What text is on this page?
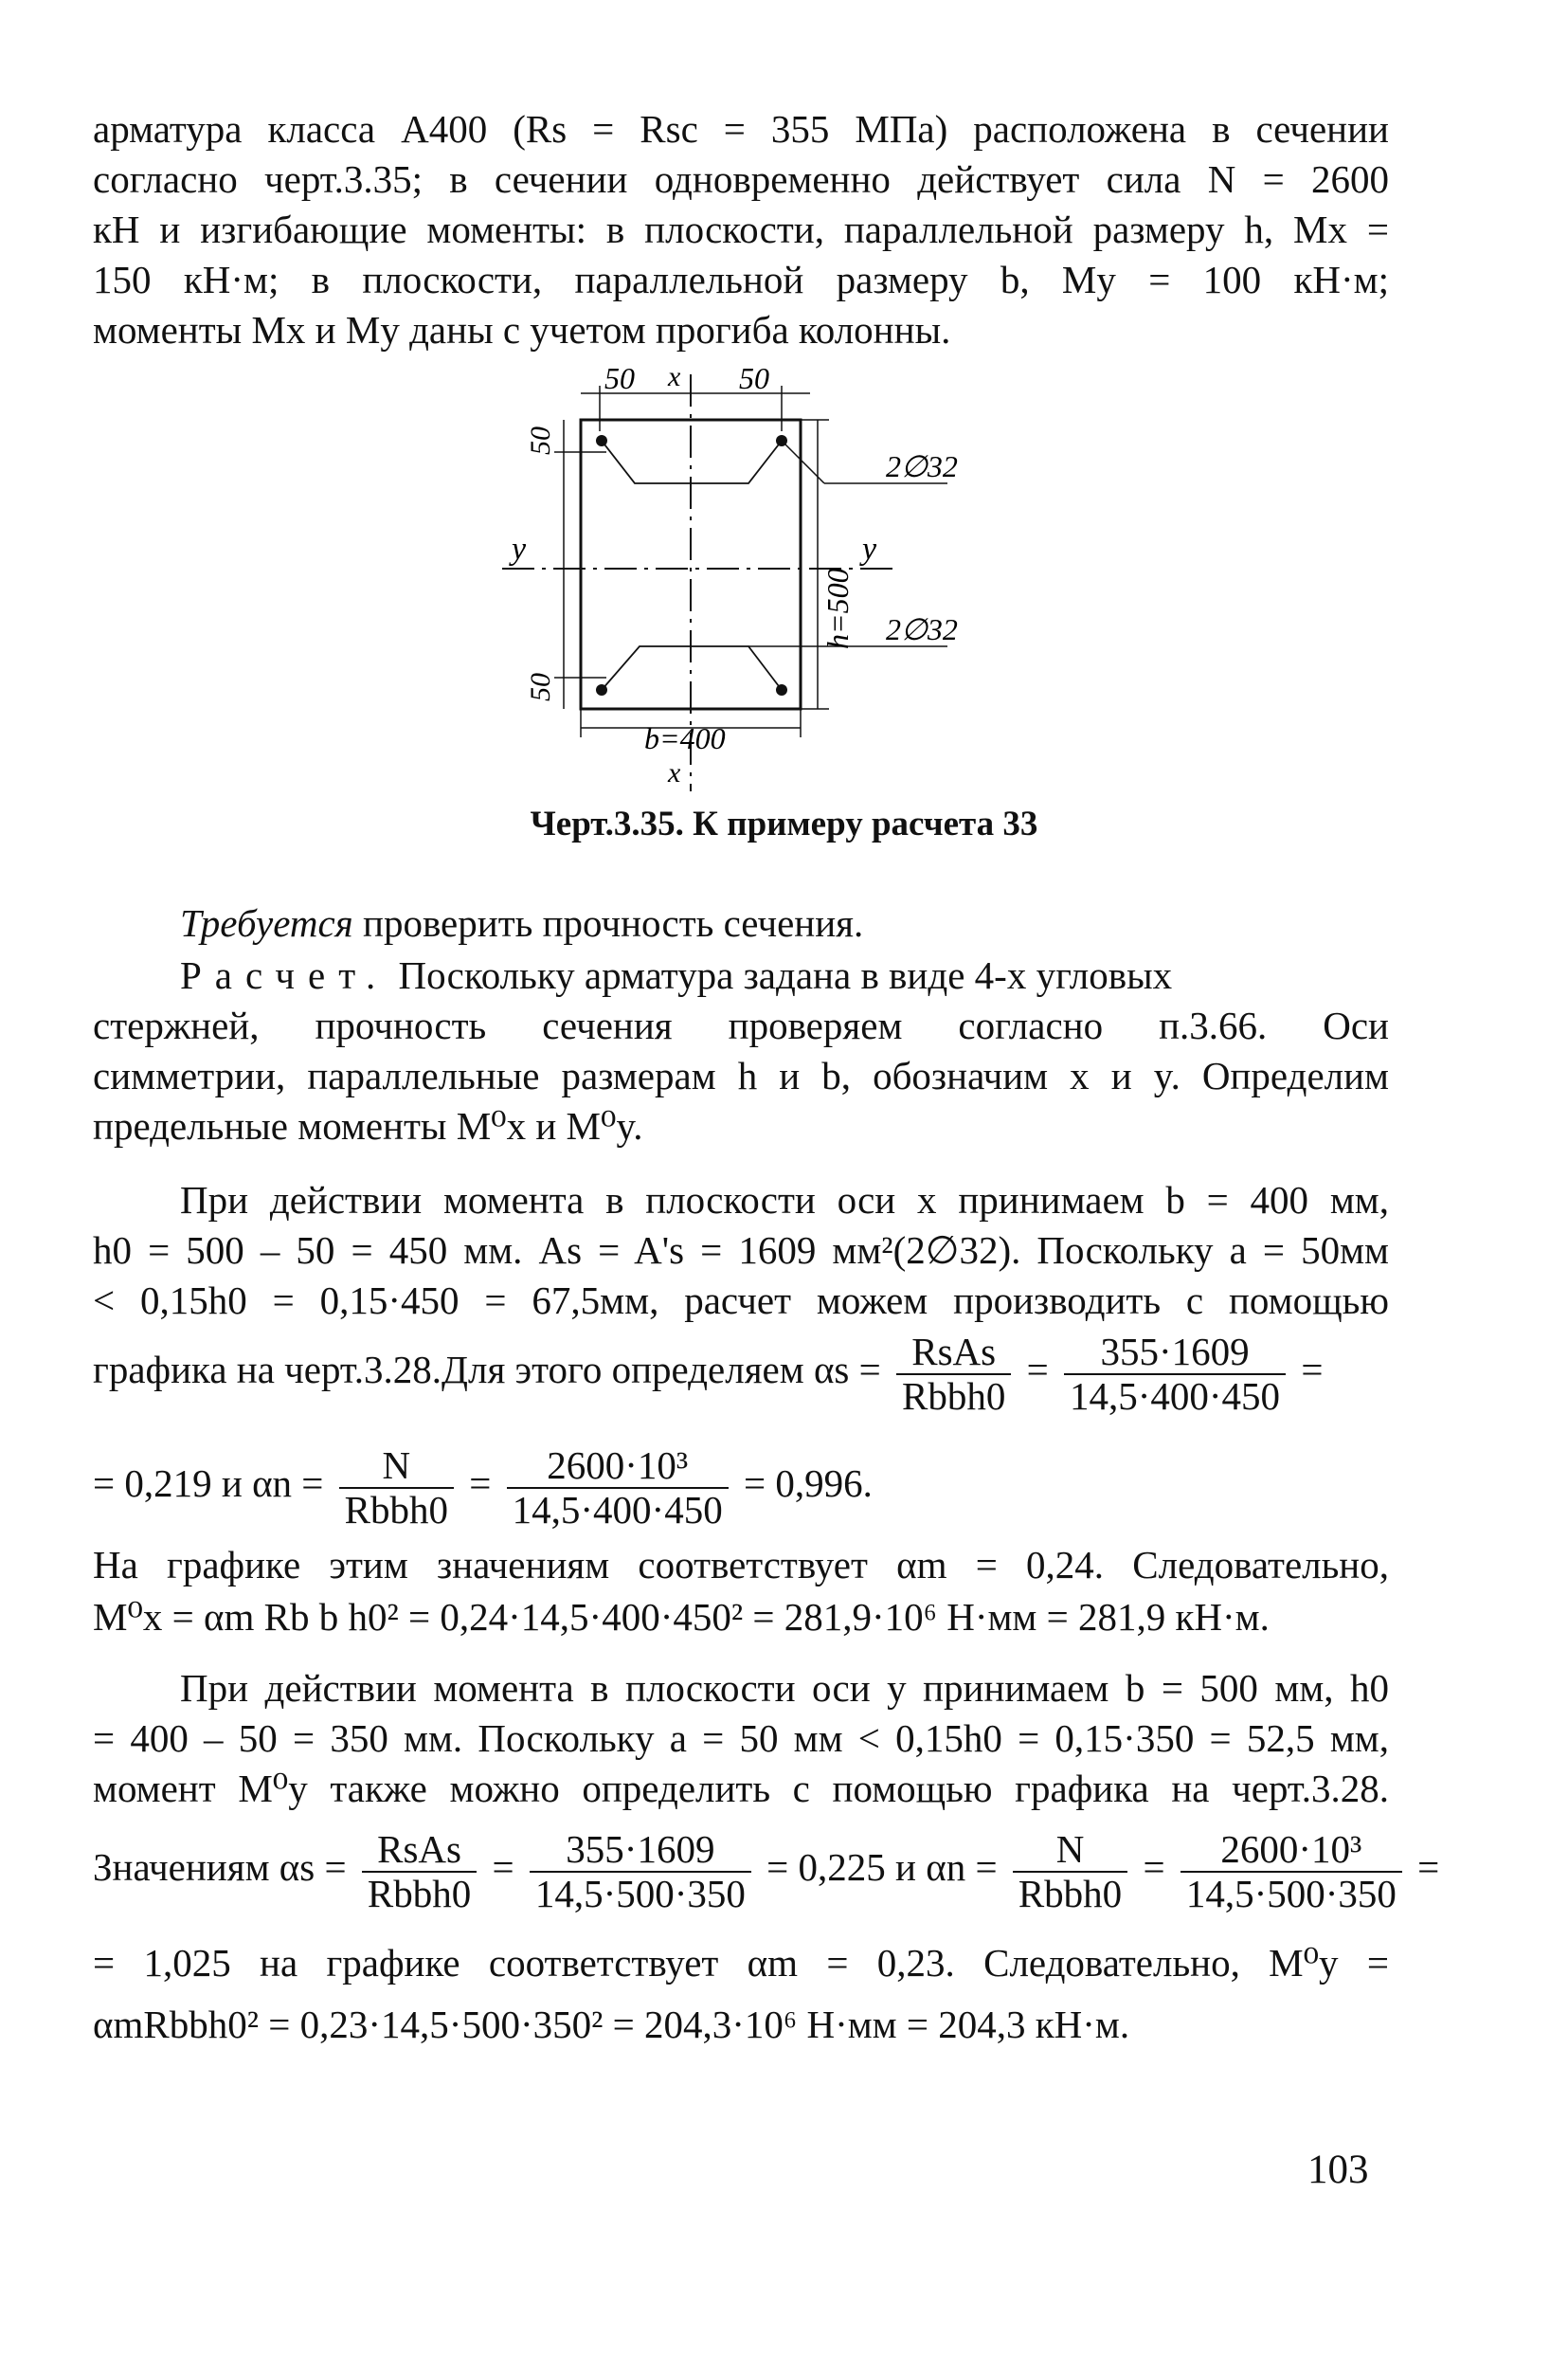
арматура класса А400 (Rs = Rsc = 355 МПа) расположена в сечении
согласно черт.3.35; в сечении одновременно действует сила N = 2600
кН и изгибающие моменты: в плоскости, параллельной размеру h, Mx =
150 кН·м; в плоскости, параллельной размеру b, My = 100 кН·м;
моменты Mx и My даны с учетом прогиба колонны.
50 x 50
50
50
h=500
b=400
x
y	y
2∅32
2∅32
Черт.3.35. К примеру расчета 33
Требуется проверить прочность сечения.
Расчет. Поскольку арматура задана в виде 4-х угловых
стержней, прочность сечения проверяем согласно п.3.66. Оси
симметрии, параллельные размерам h и b, обозначим x и y. Определим
предельные моменты M⁰x и M⁰y.
При действии момента в плоскости оси x принимаем b = 400 мм,
h0 = 500 – 50 = 450 мм. As = A's = 1609 мм²(2∅32). Поскольку a = 50мм
< 0,15h0 = 0,15·450 = 67,5мм, расчет можем производить с помощью
графика на черт.3.28.Для этого определяем $\alpha s = \frac{\text{RsAs}}{\text{Rbbh0}} = \frac{355\cdot 1609}{14,5\cdot 400\cdot 450}$ =
= 0,219 и $\alpha n = \frac{N}{\text{Rbbh0}} = \frac{\text{2600·10³}}{14,5\cdot 400\cdot 450} = 0,996$.
На графике этим значениям соответствует αm = 0,24. Следовательно,
M⁰x = αm Rb b h0² = 0,24·14,5·400·450² = 281,9·10⁶ Н·мм = 281,9 кН·м.
При действии момента в плоскости оси y принимаем b = 500 мм, h0
= 400 – 50 = 350 мм. Поскольку a = 50 мм < 0,15h0 = 0,15·350 = 52,5 мм,
момент M⁰y также можно определить с помощью графика на черт.3.28.
Значениям $\alpha s = \frac{\text{RsAs}}{\text{Rbbh0}} = \frac{355\cdot 1609}{14,5\cdot 500\cdot 350} = 0,225$ и $\alpha n = \frac{N}{\text{Rbbh0}} = \frac{\text{2600·10³}}{14,5\cdot 500\cdot 350}$ =
= 1,025 на графике соответствует αm = 0,23. Следовательно, M⁰y =
αmRbbh0² = 0,23·14,5·500·350² = 204,3·10⁶ Н·мм = 204,3 кН·м.
103
